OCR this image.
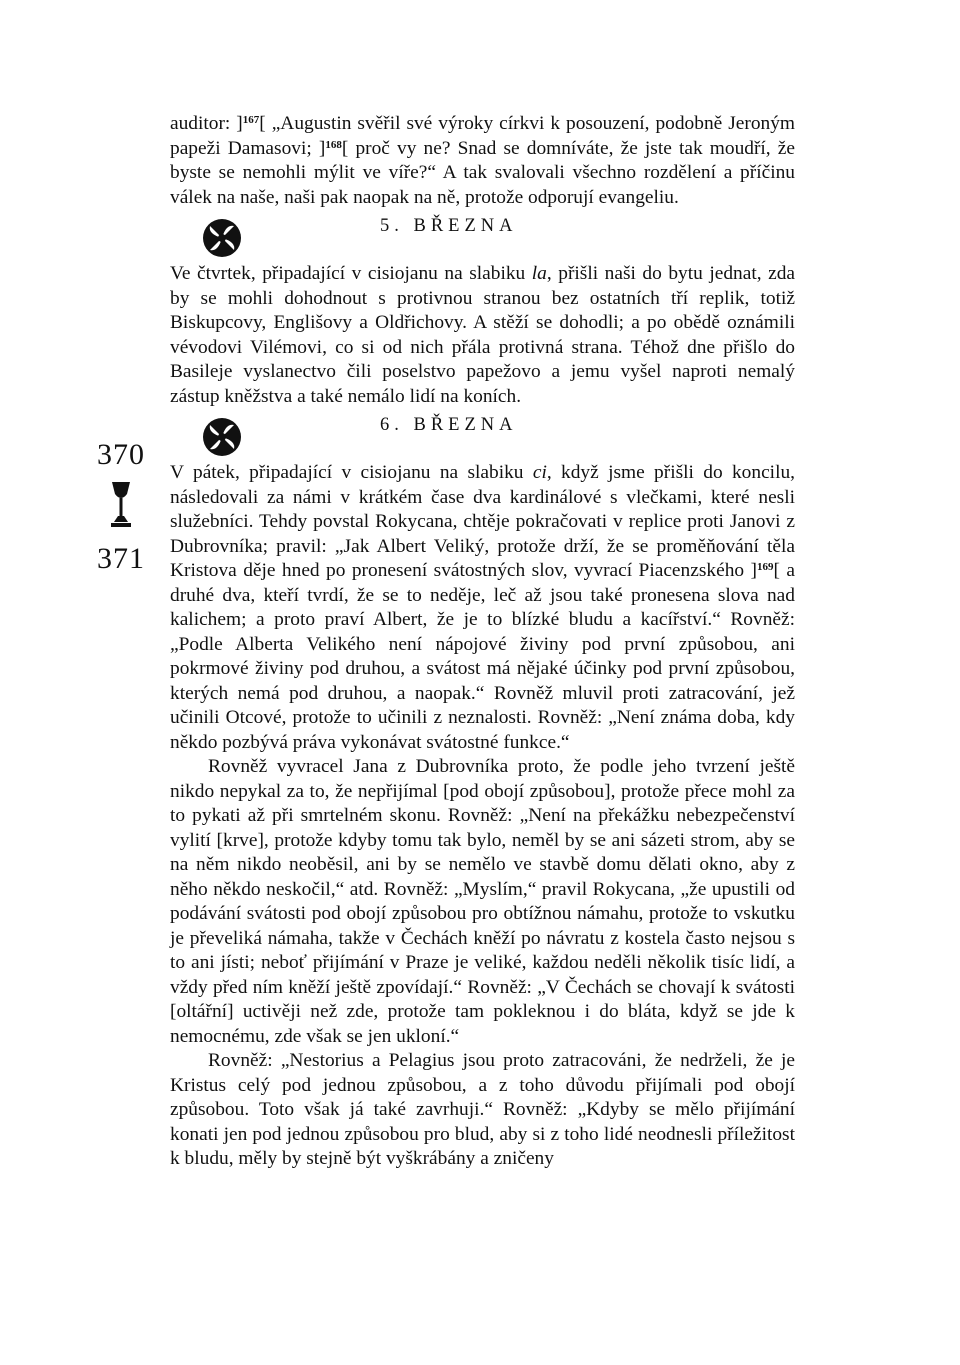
370
371

auditor: ]$^{167}$[ „Augustin svěřil své výroky církvi k posouzení, podobně Jeroným papeži Damasovi; ]$^{168}$[ proč vy ne? Snad se domníváte, že jste tak moudří, že byste se nemohli mýlit ve víře?“ A tak svalovali všechno rozdělení a příčinu válek na naše, naši pak naopak na ně, protože odporují evangeliu.

5. BŘEZNA

Ve čtvrtek, připadající v cisiojanu na slabiku la, přišli naši do bytu jednat, zda by se mohli dohodnout s protivnou stranou bez ostatních tří replik, totiž Biskupcovy, Englišovy a Oldřichovy. A stěží se dohodli; a po obědě oznámili vévodovi Vilémovi, co si od nich přála protivná strana. Téhož dne přišlo do Basileje vyslanectvo čili poselstvo papežovo a jemu vyšel naproti nemalý zástup kněžstva a také nemálo lidí na koních.

6. BŘEZNA

V pátek, připadající v cisiojanu na slabiku ci, když jsme přišli do koncilu, následovali za námi v krátkém čase dva kardinálové s vlečkami, které nesli služebníci. Tehdy povstal Rokycana, chtěje pokračovati v replice proti Janovi z Dubrovníka; pravil: „Jak Albert Veliký, protože drží, že se proměňování těla Kristova děje hned po pronesení svátostných slov, vyvrací Piacenzského ]$^{169}$[ a druhé dva, kteří tvrdí, že se to neděje, leč až jsou také pronesena slova nad kalichem; a proto praví Albert, že je to blízké bludu a kacířství.“ Rovněž: „Podle Alberta Velikého není nápojové živiny pod první způsobou, ani pokrmové živiny pod druhou, a svátost má nějaké účinky pod první způsobou, kterých nemá pod druhou, a naopak.“ Rovněž mluvil proti zatracování, jež učinili Otcové, protože to učinili z neznalosti. Rovněž: „Není známa doba, kdy někdo pozbývá práva vykonávat svátostné funkce.“

Rovněž vyvracel Jana z Dubrovníka proto, že podle jeho tvrzení ještě nikdo nepykal za to, že nepřijímal [pod obojí způsobou], protože přece mohl za to pykati až při smrtelném skonu. Rovněž: „Není na překážku nebezpečenství vylití [krve], protože kdyby tomu tak bylo, neměl by se ani sázeti strom, aby se na něm nikdo neoběsil, ani by se nemělo ve stavbě domu dělati okno, aby z něho někdo neskočil,“ atd. Rovněž: „Myslím,“ pravil Rokycana, „že upustili od podávání svátosti pod obojí způsobou pro obtížnou námahu, protože to vskutku je převeliká námaha, takže v Čechách kněží po návratu z kostela často nejsou s to ani jísti; neboť přijímání v Praze je veliké, každou neděli několik tisíc lidí, a vždy před ním kněží ještě zpovídají.“ Rovněž: „V Čechách se chovají k svátosti [oltářní] uctivěji než zde, protože tam pokleknou i do bláta, když se jde k nemocnému, zde však se jen ukloní.“

Rovněž: „Nestorius a Pelagius jsou proto zatracováni, že nedrželi, že je Kristus celý pod jednou způsobou, a z toho důvodu přijímali pod obojí způsobou. Toto však já také zavrhuji.“ Rovněž: „Kdyby se mělo přijímání konati jen pod jednou způsobou pro blud, aby si z toho lidé neodnesli příležitost k bludu, měly by stejně být vyškrábány a zničeny
